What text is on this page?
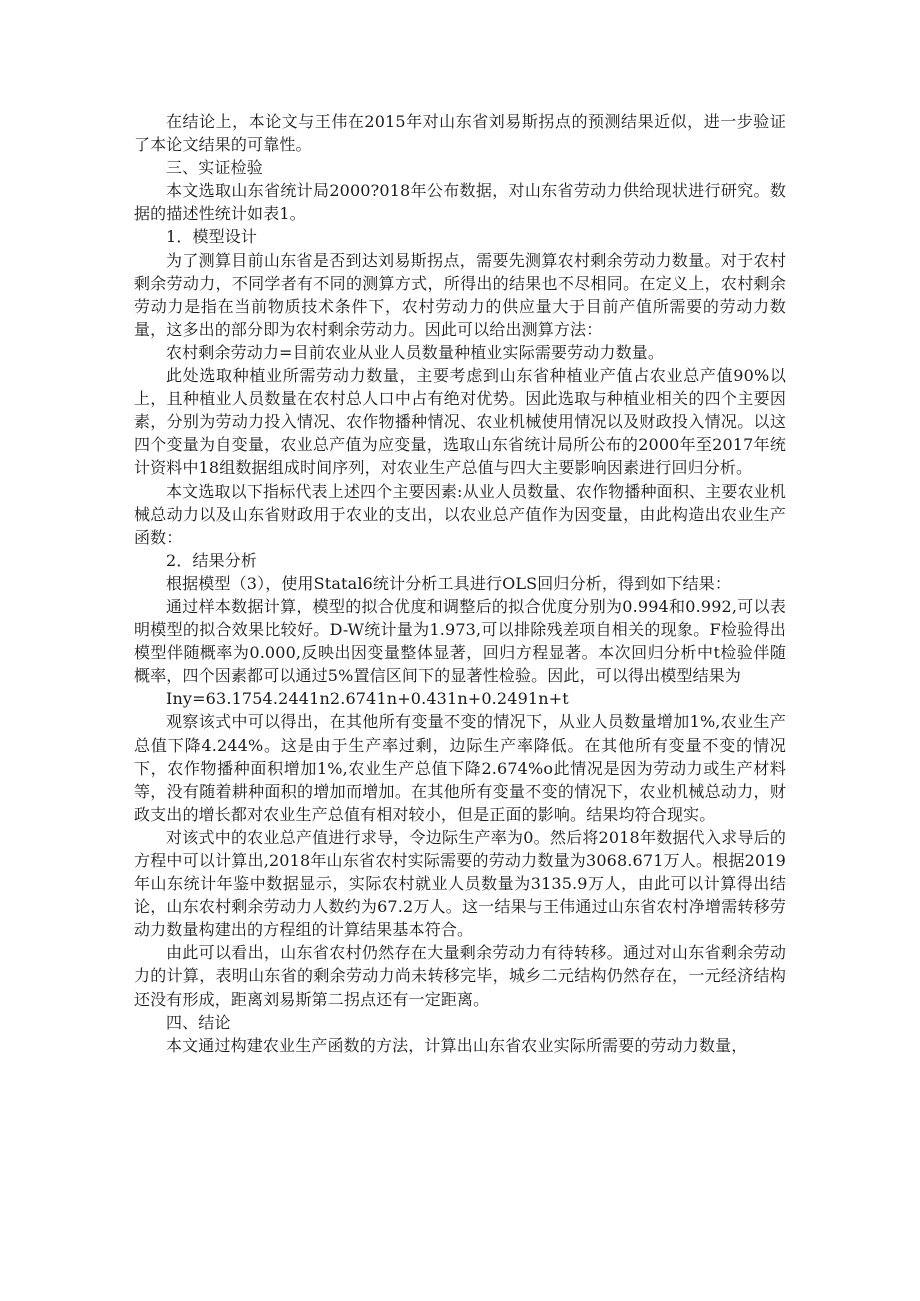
在结论上，本论文与王伟在2015年对山东省刘易斯拐点的预测结果近似，进一步验证了本论文结果的可靠性。

三、实证检验

本文选取山东省统计局2000?018年公布数据，对山东省劳动力供给现状进行研究。数据的描述性统计如表1。

1．模型设计

为了测算目前山东省是否到达刘易斯拐点，需要先测算农村剩余劳动力数量。对于农村剩余劳动力，不同学者有不同的测算方式，所得出的结果也不尽相同。在定义上，农村剩余劳动力是指在当前物质技术条件下，农村劳动力的供应量大于目前产值所需要的劳动力数量，这多出的部分即为农村剩余劳动力。因此可以给出测算方法：

农村剩余劳动力=目前农业从业人员数量种植业实际需要劳动力数量。

此处选取种植业所需劳动力数量，主要考虑到山东省种植业产值占农业总产值90%以上，且种植业人员数量在农村总人口中占有绝对优势。因此选取与种植业相关的四个主要因素，分别为劳动力投入情况、农作物播种情况、农业机械使用情况以及财政投入情况。以这四个变量为自变量，农业总产值为应变量，选取山东省统计局所公布的2000年至2017年统计资料中18组数据组成时间序列，对农业生产总值与四大主要影响因素进行回归分析。

本文选取以下指标代表上述四个主要因素:从业人员数量、农作物播种面积、主要农业机械总动力以及山东省财政用于农业的支出，以农业总产值作为因变量，由此构造出农业生产函数：

2．结果分析

根据模型（3），使用Statal6统计分析工具进行OLS回归分析，得到如下结果：

通过样本数据计算，模型的拟合优度和调整后的拟合优度分别为0.994和0.992,可以表明模型的拟合效果比较好。D-W统计量为1.973,可以排除残差项自相关的现象。F检验得出模型伴随概率为0.000,反映出因变量整体显著，回归方程显著。本次回归分析中t检验伴随概率，四个因素都可以通过5%置信区间下的显著性检验。因此，可以得出模型结果为

Iny=63.1754.2441n2.6741n+0.431n+0.2491n+t

观察该式中可以得出，在其他所有变量不变的情况下，从业人员数量增加1%,农业生产总值下降4.244%。这是由于生产率过剩，边际生产率降低。在其他所有变量不变的情况下，农作物播种面积增加1%,农业生产总值下降2.674%o此情况是因为劳动力或生产材料等，没有随着耕种面积的增加而增加。在其他所有变量不变的情况下，农业机械总动力，财政支出的增长都对农业生产总值有相对较小，但是正面的影响。结果均符合现实。

对该式中的农业总产值进行求导，令边际生产率为0。然后将2018年数据代入求导后的方程中可以计算出,2018年山东省农村实际需要的劳动力数量为3068.671万人。根据2019年山东统计年鉴中数据显示，实际农村就业人员数量为3135.9万人，由此可以计算得出结论，山东农村剩余劳动力人数约为67.2万人。这一结果与王伟通过山东省农村净增需转移劳动力数量构建出的方程组的计算结果基本符合。

由此可以看出，山东省农村仍然存在大量剩余劳动力有待转移。通过对山东省剩余劳动力的计算，表明山东省的剩余劳动力尚未转移完毕，城乡二元结构仍然存在，一元经济结构还没有形成，距离刘易斯第二拐点还有一定距离。

四、结论

本文通过构建农业生产函数的方法，计算出山东省农业实际所需要的劳动力数量，
